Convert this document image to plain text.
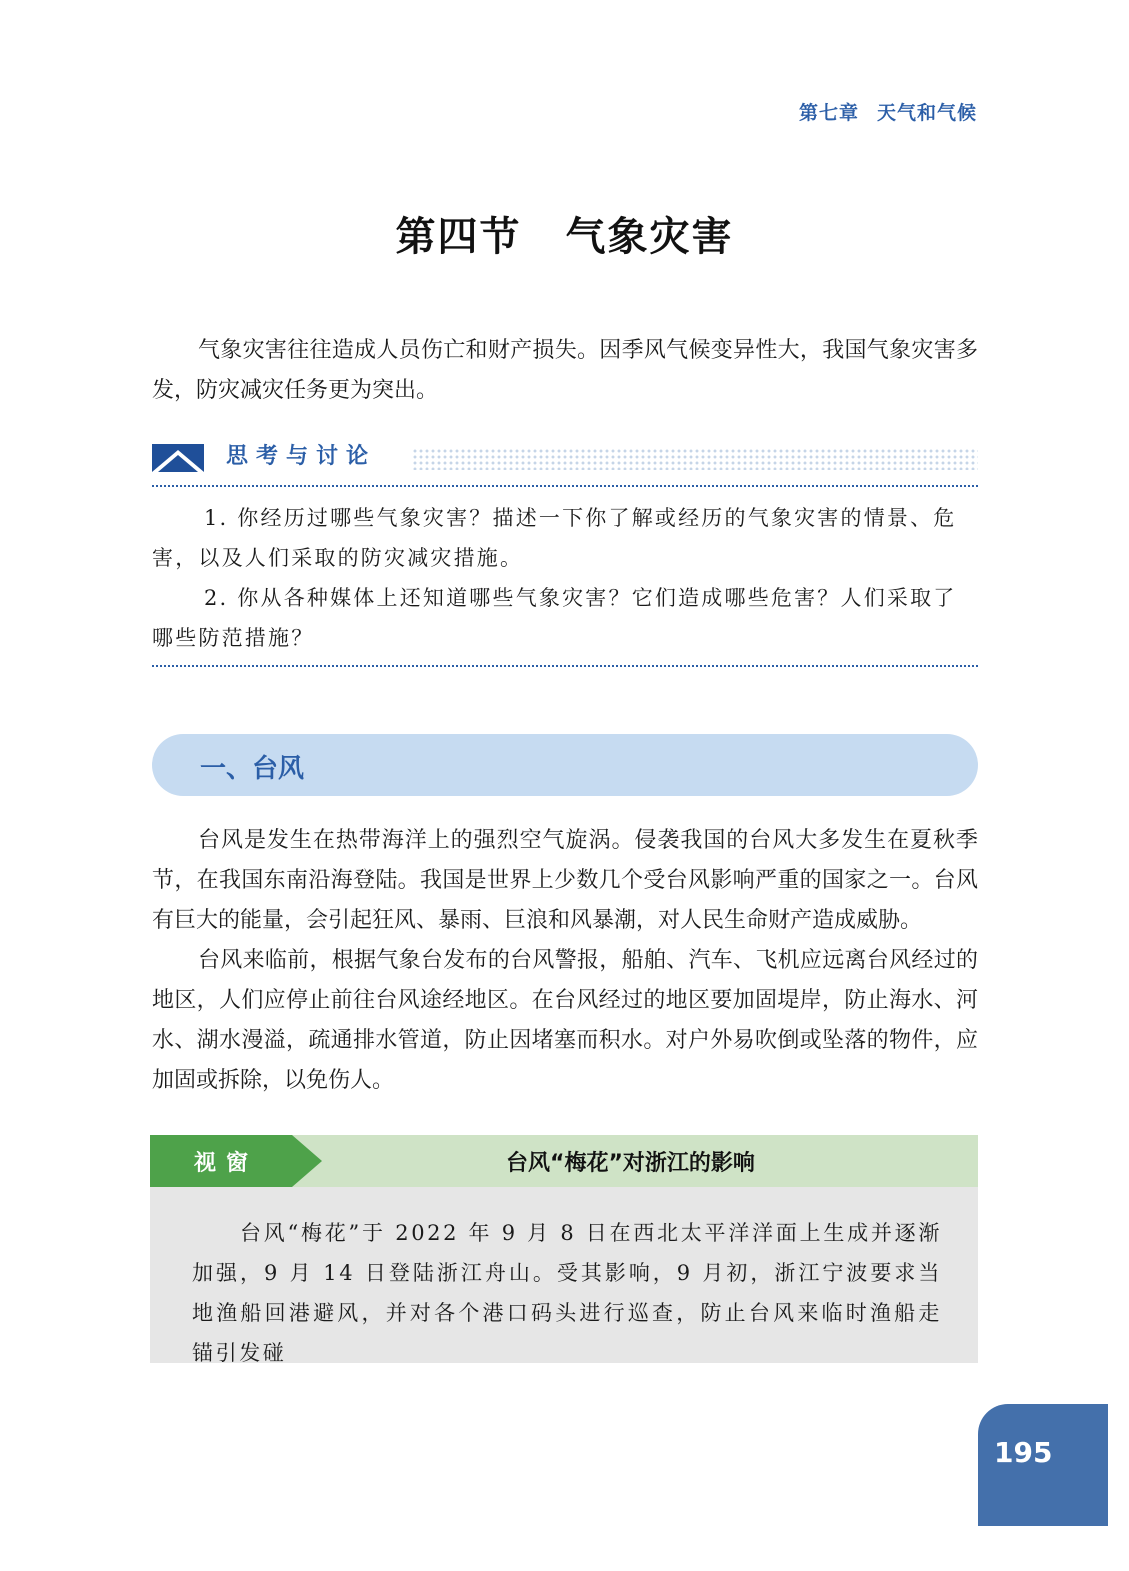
第七章 天气和气候
第四节 气象灾害

气象灾害往往造成人员伤亡和财产损失。因季风气候变异性大，我国气象灾害多发，防灾减灾任务更为突出。

思考与讨论

1. 你经历过哪些气象灾害？描述一下你了解或经历的气象灾害的情景、危害，以及人们采取的防灾减灾措施。

2. 你从各种媒体上还知道哪些气象灾害？它们造成哪些危害？人们采取了哪些防范措施？

一、台风

台风是发生在热带海洋上的强烈空气旋涡。侵袭我国的台风大多发生在夏秋季节，在我国东南沿海登陆。我国是世界上少数几个受台风影响严重的国家之一。台风有巨大的能量，会引起狂风、暴雨、巨浪和风暴潮，对人民生命财产造成威胁。

台风来临前，根据气象台发布的台风警报，船舶、汽车、飞机应远离台风经过的地区，人们应停止前往台风途经地区。在台风经过的地区要加固堤岸，防止海水、河水、湖水漫溢，疏通排水管道，防止因堵塞而积水。对户外易吹倒或坠落的物件，应加固或拆除，以免伤人。

视窗	台风“梅花”对浙江的影响

台风“梅花”于 2022 年 9 月 8 日在西北太平洋洋面上生成并逐渐加强，9 月 14 日登陆浙江舟山。受其影响，9 月初，浙江宁波要求当地渔船回港避风，并对各个港口码头进行巡查，防止台风来临时渔船走锚引发碰

195
